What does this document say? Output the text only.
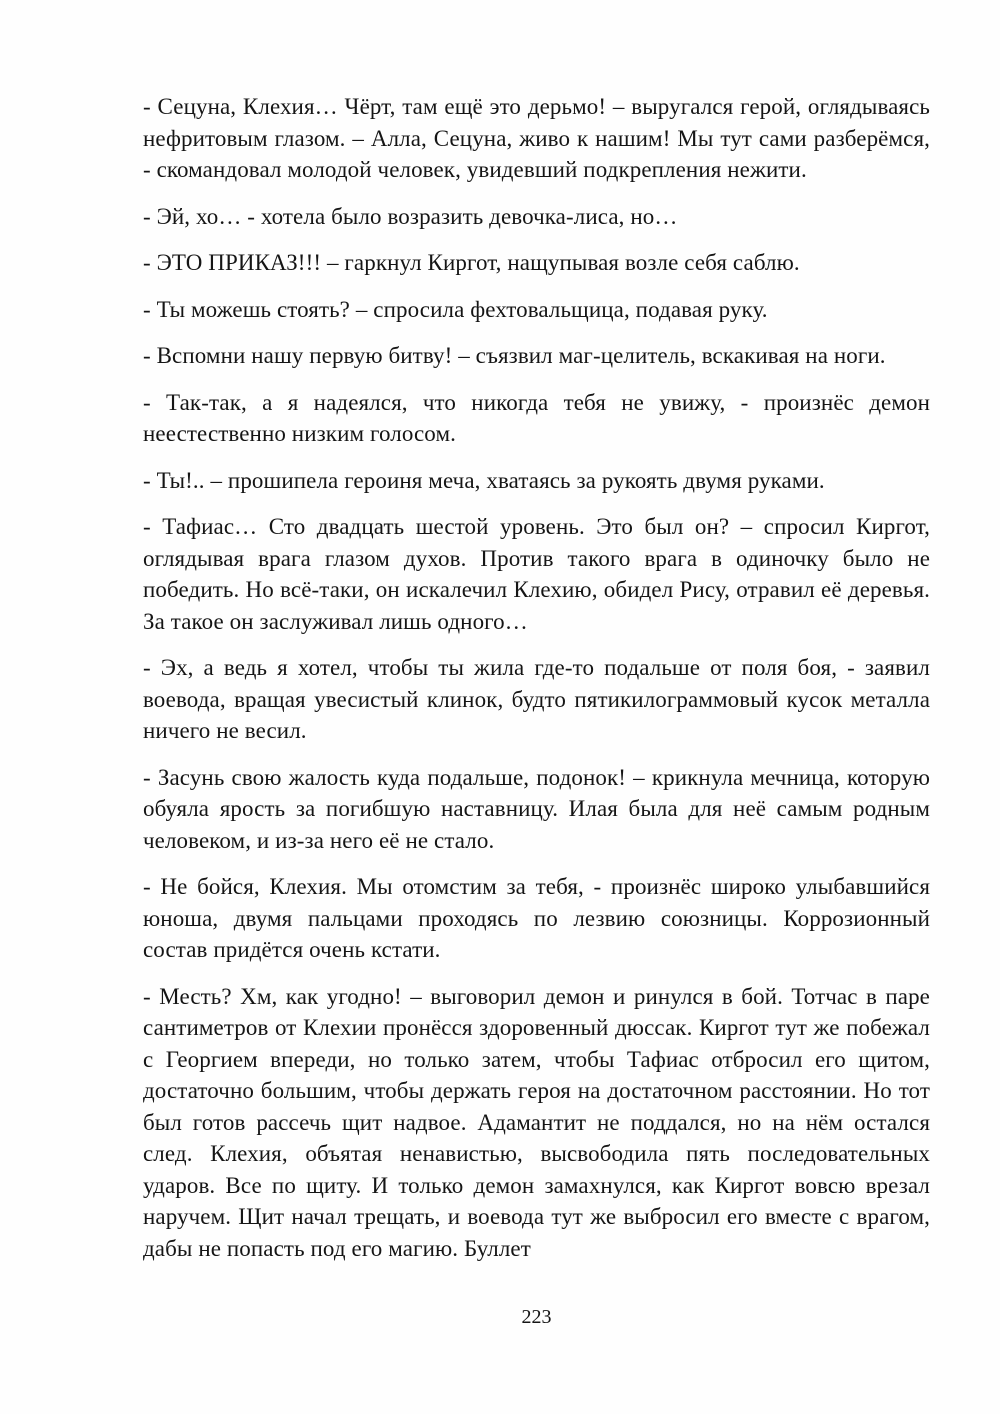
- Сецуна, Клехия… Чёрт, там ещё это дерьмо! – выругался герой, оглядываясь нефритовым глазом. – Алла, Сецуна, живо к нашим! Мы тут сами разберёмся, - скомандовал молодой человек, увидевший подкрепления нежити.

- Эй, хо… - хотела было возразить девочка-лиса, но…

- ЭТО ПРИКАЗ!!! – гаркнул Киргот, нащупывая возле себя саблю.

- Ты можешь стоять? – спросила фехтовальщица, подавая руку.

- Вспомни нашу первую битву! – съязвил маг-целитель, вскакивая на ноги.

- Так-так, а я надеялся, что никогда тебя не увижу, - произнёс демон неестественно низким голосом.

- Ты!.. – прошипела героиня меча, хватаясь за рукоять двумя руками.

- Тафиас… Сто двадцать шестой уровень. Это был он? – спросил Киргот, оглядывая врага глазом духов. Против такого врага в одиночку было не победить. Но всё-таки, он искалечил Клехию, обидел Рису, отравил её деревья. За такое он заслуживал лишь одного…

- Эх, а ведь я хотел, чтобы ты жила где-то подальше от поля боя, - заявил воевода, вращая увесистый клинок, будто пятикилограммовый кусок металла ничего не весил.

- Засунь свою жалость куда подальше, подонок! – крикнула мечница, которую обуяла ярость за погибшую наставницу. Илая была для неё самым родным человеком, и из-за него её не стало.

- Не бойся, Клехия. Мы отомстим за тебя, - произнёс широко улыбавшийся юноша, двумя пальцами проходясь по лезвию союзницы. Коррозионный состав придётся очень кстати.

- Месть? Хм, как угодно! – выговорил демон и ринулся в бой. Тотчас в паре сантиметров от Клехии пронёсся здоровенный дюссак. Киргот тут же побежал с Георгием впереди, но только затем, чтобы Тафиас отбросил его щитом, достаточно большим, чтобы держать героя на достаточном расстоянии. Но тот был готов рассечь щит надвое. Адамантит не поддался, но на нём остался след. Клехия, объятая ненавистью, высвободила пять последовательных ударов. Все по щиту. И только демон замахнулся, как Киргот вовсю врезал наручем. Щит начал трещать, и воевода тут же выбросил его вместе с врагом, дабы не попасть под его магию. Буллет

223
